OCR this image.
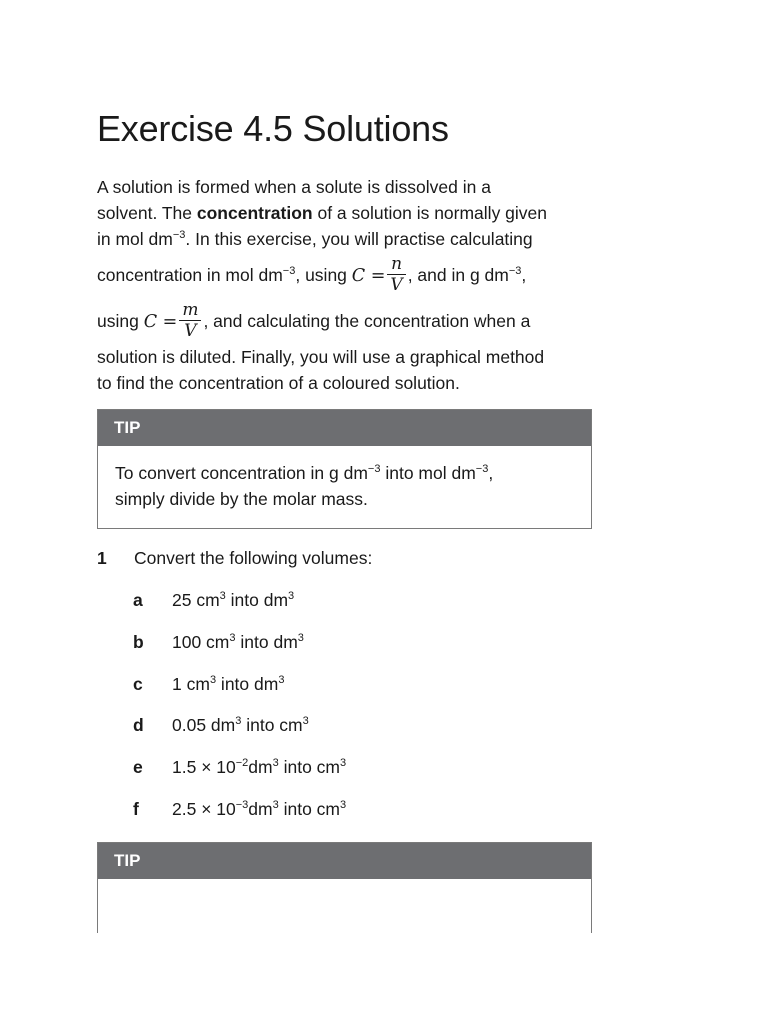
Exercise 4.5 Solutions
A solution is formed when a solute is dissolved in a
solvent. The concentration of a solution is normally given
in mol $dm^{-3}$. In this exercise, you will practise calculating
concentration in mol $dm^{-3}$, using $C = \frac{n}{V}$ , and in g $dm^{-3}$,
using $C = \frac{m}{V}$ , and calculating the concentration when a
solution is diluted. Finally, you will use a graphical method
to find the concentration of a coloured solution.
TIP
To convert concentration in g $dm^{-3}$ into mol $dm^{-3}$,
simply divide by the molar mass.
1 Convert the following volumes:
a 25 $cm^3$ into $dm^3$
b 100 $cm^3$ into $dm^3$
c 1 $cm^3$ into $dm^3$
d 0.05 $dm^3$ into $cm^3$
e $1.5 \times 10^{-2}dm^3$ into $cm^3$
f $2.5 \times 10^{-3}dm^3$ into $cm^3$
TIP
